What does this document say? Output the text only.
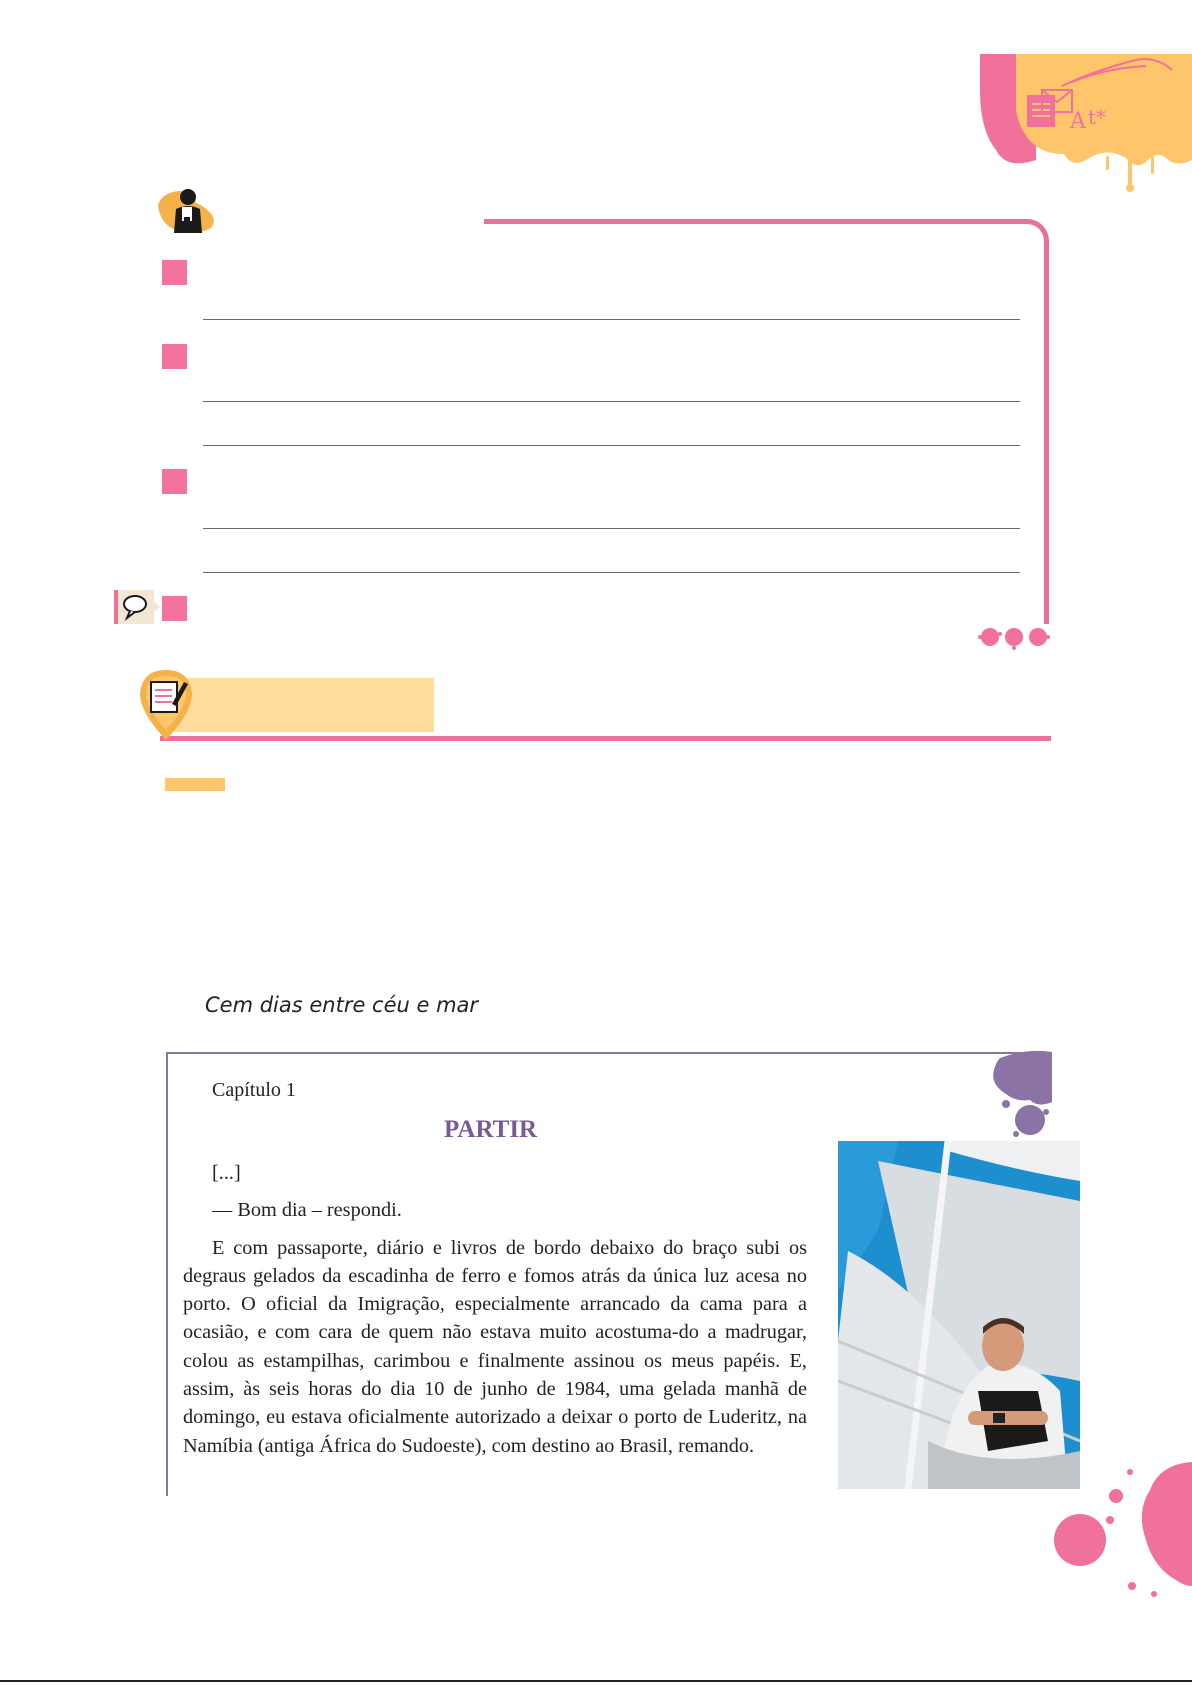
A t*
Cem dias entre céu e mar
Capítulo 1
PARTIR

[...]

— Bom dia – respondi.

E com passaporte, diário e livros de bordo debaixo do braço subi os degraus gelados da escadinha de ferro e fomos atrás da única luz acesa no porto. O oficial da Imigração, especialmente arrancado da cama para a ocasião, e com cara de quem não estava muito acostuma-do a madrugar, colou as estampilhas, carimbou e finalmente assinou os meus papéis. E, assim, às seis horas do dia 10 de junho de 1984, uma gelada manhã de domingo, eu estava oficialmente autorizado a deixar o porto de Luderitz, na Namíbia (antiga África do Sudoeste), com destino ao Brasil, remando.
